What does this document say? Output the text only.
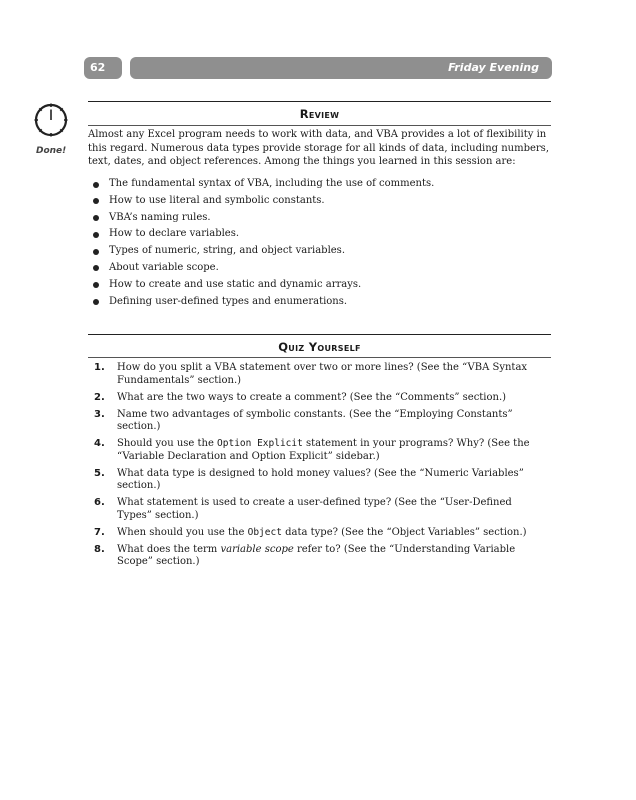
62	Friday Evening
Done!
Review
Almost any Excel program needs to work with data, and VBA provides a lot of flexibility in this regard. Numerous data types provide storage for all kinds of data, including numbers, text, dates, and object references. Among the things you learned in this session are:
The fundamental syntax of VBA, including the use of comments.
How to use literal and symbolic constants.
VBA’s naming rules.
How to declare variables.
Types of numeric, string, and object variables.
About variable scope.
How to create and use static and dynamic arrays.
Defining user-defined types and enumerations.
Quiz Yourself
1. How do you split a VBA statement over two or more lines? (See the “VBA Syntax Fundamentals” section.)
2. What are the two ways to create a comment? (See the “Comments” section.)
3. Name two advantages of symbolic constants. (See the “Employing Constants” section.)
4. Should you use the Option Explicit statement in your programs? Why? (See the “Variable Declaration and Option Explicit” sidebar.)
5. What data type is designed to hold money values? (See the “Numeric Variables” section.)
6. What statement is used to create a user-defined type? (See the “User-Defined Types” section.)
7. When should you use the Object data type? (See the “Object Variables” section.)
8. What does the term variable scope refer to? (See the “Understanding Variable Scope” section.)
